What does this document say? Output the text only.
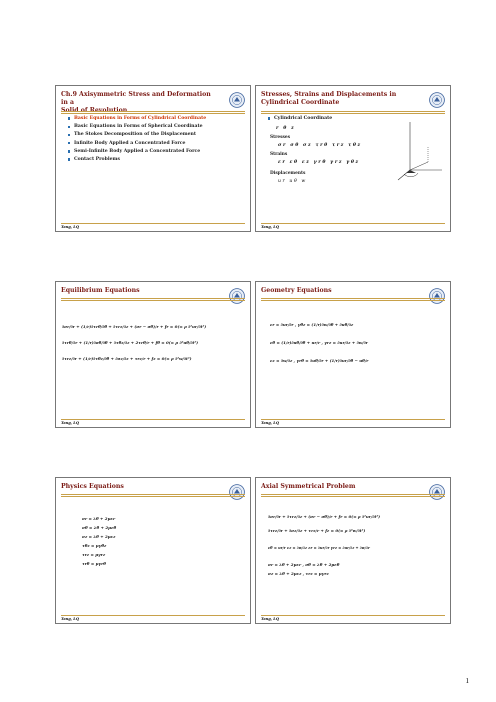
Ch.9 Axisymmetric Stress and Deformation in a
Solid of Revolution
Basic Equations in Forms of Cylindrical Coordinate
Basic Equations in Forms of Spherical Coordinate
The Stokes Decomposition of the Displacement
Infinite Body Applied a Concentrated Force
Semi-Infinite Body Applied a Concentrated Force
Contact Problems
Tang, LQ
Stresses, Strains and Displacements in
Cylindrical Coordinate
Cylindrical Coordinate
r θ z
Stresses
σr σθ σz τrθ τrz τθz
Strains
εr εθ εz γrθ γrz γθz
Displacements
ur uθ w
Tang, LQ
Equilibrium Equations
∂σr/∂r + (1/r)∂τrθ/∂θ + ∂τrz/∂z + (σr − σθ)/r + fr = 0(= ρ ∂²ur/∂t²)
∂τrθ/∂r + (1/r)∂σθ/∂θ + ∂τθz/∂z + 2τrθ/r + fθ = 0(= ρ ∂²uθ/∂t²)
∂τrz/∂r + (1/r)∂τθz/∂θ + ∂σz/∂z + τrz/r + fz = 0(= ρ ∂²w/∂t²)
Tang, LQ
Geometry Equations
εr = ∂ur/∂r , γθz = (1/r)∂w/∂θ + ∂uθ/∂z
εθ = (1/r)∂uθ/∂θ + ur/r , γrz = ∂ur/∂z + ∂w/∂r
εz = ∂w/∂z , γrθ = ∂uθ/∂r + (1/r)∂ur/∂θ − uθ/r
Tang, LQ
Physics Equations
σr = λθ + 2μεr
σθ = λθ + 2μεθ
σz = λθ + 2μεz
τθz = μγθz
τrz = μγrz
τrθ = μγrθ
Tang, LQ
Axial Symmetrical Problem
∂σr/∂r + ∂τrz/∂z + (σr − σθ)/r + fr = 0(= ρ ∂²ur/∂t²)
∂τrz/∂r + ∂σz/∂z + τrz/r + fz = 0(= ρ ∂²w/∂t²)
εθ = ur/r εz = ∂w/∂z εr = ∂ur/∂r γrz = ∂ur/∂z + ∂w/∂r
σr = λθ + 2μεr , σθ = λθ + 2μεθ
σz = λθ + 2μεz , τrz = μγrz
Tang, LQ
1
